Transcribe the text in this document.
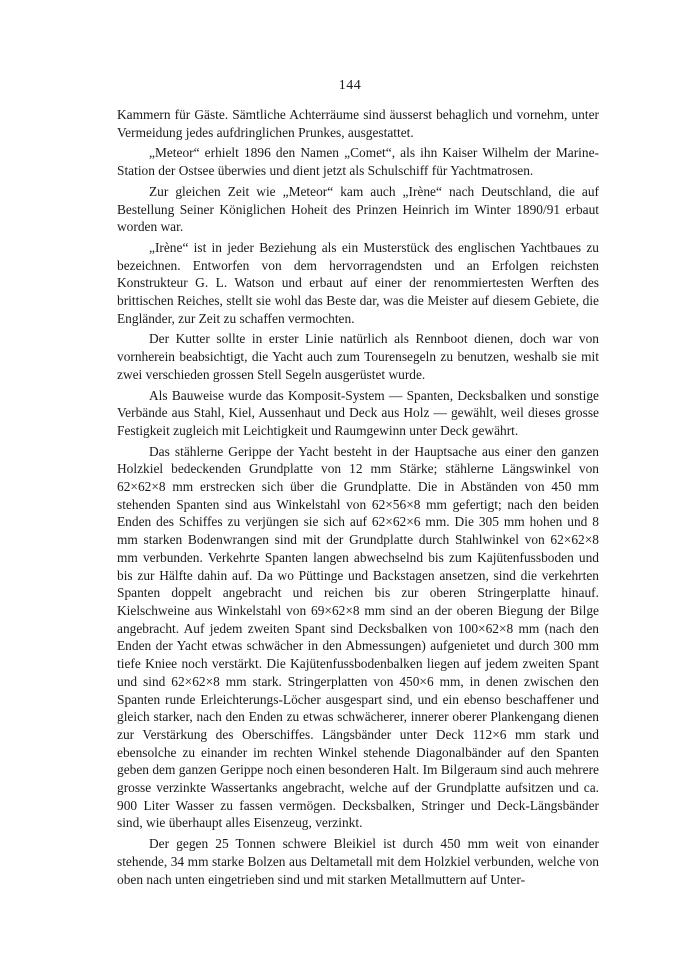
144

Kammern für Gäste. Sämtliche Achterräume sind äusserst behaglich und vornehm, unter Vermeidung jedes aufdringlichen Prunkes, ausgestattet.

„Meteor“ erhielt 1896 den Namen „Comet“, als ihn Kaiser Wilhelm der Marine-Station der Ostsee überwies und dient jetzt als Schulschiff für Yachtmatrosen.

Zur gleichen Zeit wie „Meteor“ kam auch „Irène“ nach Deutschland, die auf Bestellung Seiner Königlichen Hoheit des Prinzen Heinrich im Winter 1890/91 erbaut worden war.

„Irène“ ist in jeder Beziehung als ein Musterstück des englischen Yachtbaues zu bezeichnen. Entworfen von dem hervorragendsten und an Erfolgen reichsten Konstrukteur G. L. Watson und erbaut auf einer der renommiertesten Werften des brittischen Reiches, stellt sie wohl das Beste dar, was die Meister auf diesem Gebiete, die Engländer, zur Zeit zu schaffen vermochten.

Der Kutter sollte in erster Linie natürlich als Rennboot dienen, doch war von vornherein beabsichtigt, die Yacht auch zum Tourensegeln zu benutzen, weshalb sie mit zwei verschieden grossen Stell Segeln ausgerüstet wurde.

Als Bauweise wurde das Komposit-System — Spanten, Decksbalken und sonstige Verbände aus Stahl, Kiel, Aussenhaut und Deck aus Holz — gewählt, weil dieses grosse Festigkeit zugleich mit Leichtigkeit und Raumgewinn unter Deck gewährt.

Das stählerne Gerippe der Yacht besteht in der Hauptsache aus einer den ganzen Holzkiel bedeckenden Grundplatte von 12 mm Stärke; stählerne Längswinkel von 62×62×8 mm erstrecken sich über die Grundplatte. Die in Abständen von 450 mm stehenden Spanten sind aus Winkelstahl von 62×56×8 mm gefertigt; nach den beiden Enden des Schiffes zu verjüngen sie sich auf 62×62×6 mm. Die 305 mm hohen und 8 mm starken Bodenwrangen sind mit der Grundplatte durch Stahlwinkel von 62×62×8 mm verbunden. Verkehrte Spanten langen abwechselnd bis zum Kajütenfussboden und bis zur Hälfte dahin auf. Da wo Püttinge und Backstagen ansetzen, sind die verkehrten Spanten doppelt angebracht und reichen bis zur oberen Stringerplatte hinauf. Kielschweine aus Winkelstahl von 69×62×8 mm sind an der oberen Biegung der Bilge angebracht. Auf jedem zweiten Spant sind Decksbalken von 100×62×8 mm (nach den Enden der Yacht etwas schwächer in den Abmessungen) aufgenietet und durch 300 mm tiefe Kniee noch verstärkt. Die Kajütenfussbodenbalken liegen auf jedem zweiten Spant und sind 62×62×8 mm stark. Stringerplatten von 450×6 mm, in denen zwischen den Spanten runde Erleichterungs-Löcher ausgespart sind, und ein ebenso beschaffener und gleich starker, nach den Enden zu etwas schwächerer, innerer oberer Plankengang dienen zur Verstärkung des Oberschiffes. Längsbänder unter Deck 112×6 mm stark und ebensolche zu einander im rechten Winkel stehende Diagonalbänder auf den Spanten geben dem ganzen Gerippe noch einen besonderen Halt. Im Bilgeraum sind auch mehrere grosse verzinkte Wassertanks angebracht, welche auf der Grundplatte aufsitzen und ca. 900 Liter Wasser zu fassen vermögen. Decksbalken, Stringer und Deck-Längsbänder sind, wie überhaupt alles Eisenzeug, verzinkt.

Der gegen 25 Tonnen schwere Bleikiel ist durch 450 mm weit von einander stehende, 34 mm starke Bolzen aus Deltametall mit dem Holzkiel verbunden, welche von oben nach unten eingetrieben sind und mit starken Metallmuttern auf Unter-
